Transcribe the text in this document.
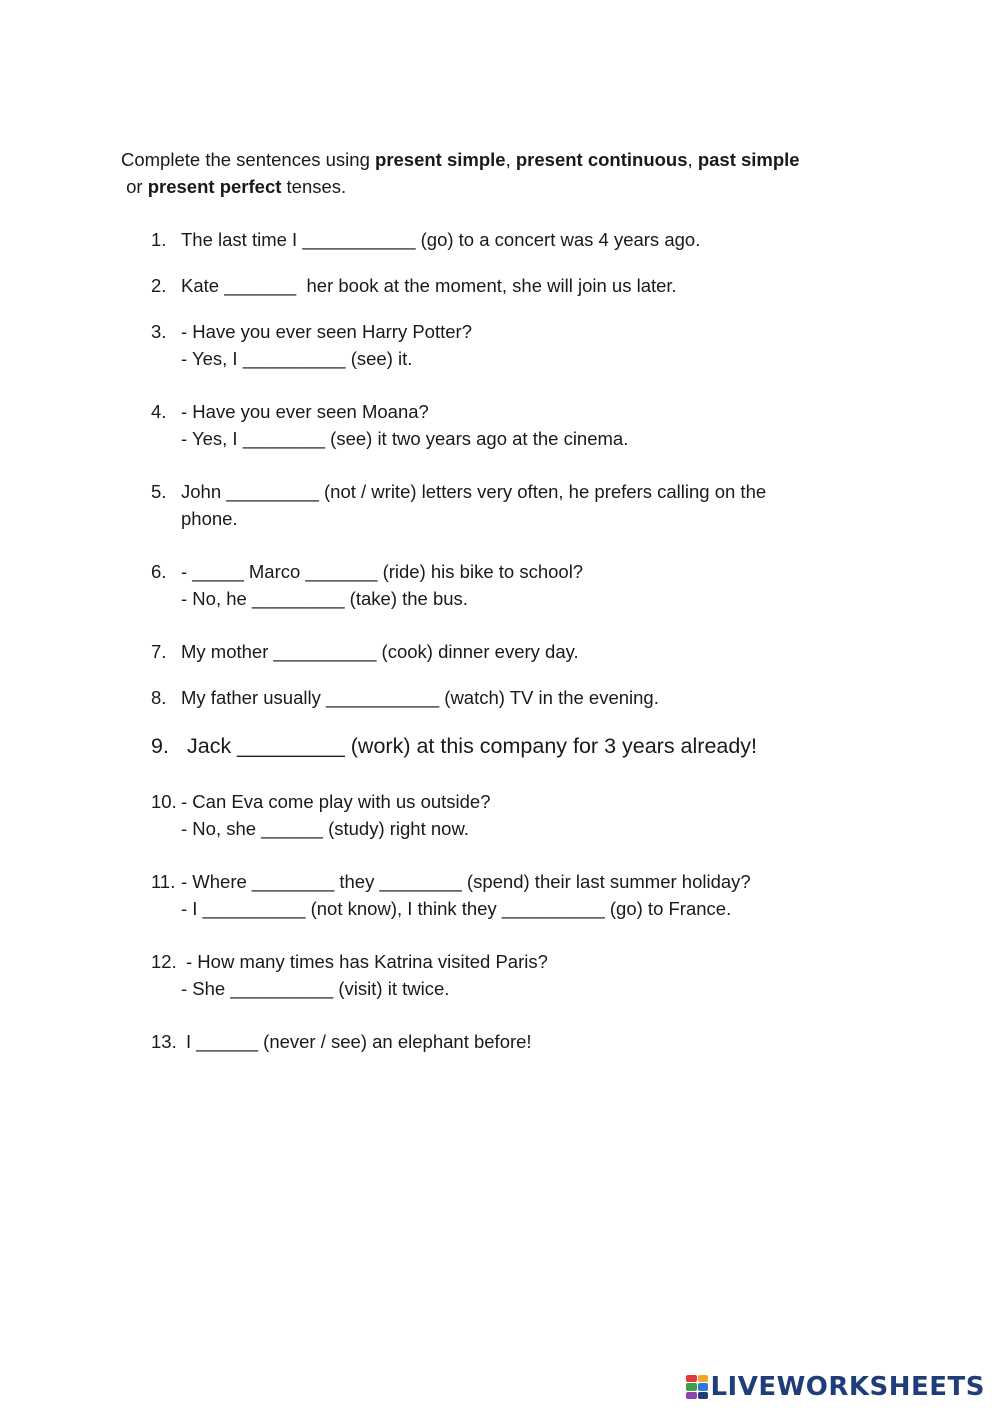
Complete the sentences using present simple, present continuous, past simple
or present perfect tenses.
1. The last time I ___________ (go) to a concert was 4 years ago.
2. Kate _______  her book at the moment, she will join us later.
3. - Have you ever seen Harry Potter?
- Yes, I __________ (see) it.
4. - Have you ever seen Moana?
- Yes, I ________ (see) it two years ago at the cinema.
5. John _________ (not / write) letters very often, he prefers calling on the
phone.
6. - _____ Marco _______ (ride) his bike to school?
- No, he _________ (take) the bus.
7. My mother __________ (cook) dinner every day.
8. My father usually ___________ (watch) TV in the evening.
9. Jack _________ (work) at this company for 3 years already!
10. - Can Eva come play with us outside?
- No, she ______ (study) right now.
11. - Where ________ they ________ (spend) their last summer holiday?
- I __________ (not know), I think they __________ (go) to France.
12. - How many times has Katrina visited Paris?
- She __________ (visit) it twice.
13. I ______ (never / see) an elephant before!
LIVEWORKSHEETS
